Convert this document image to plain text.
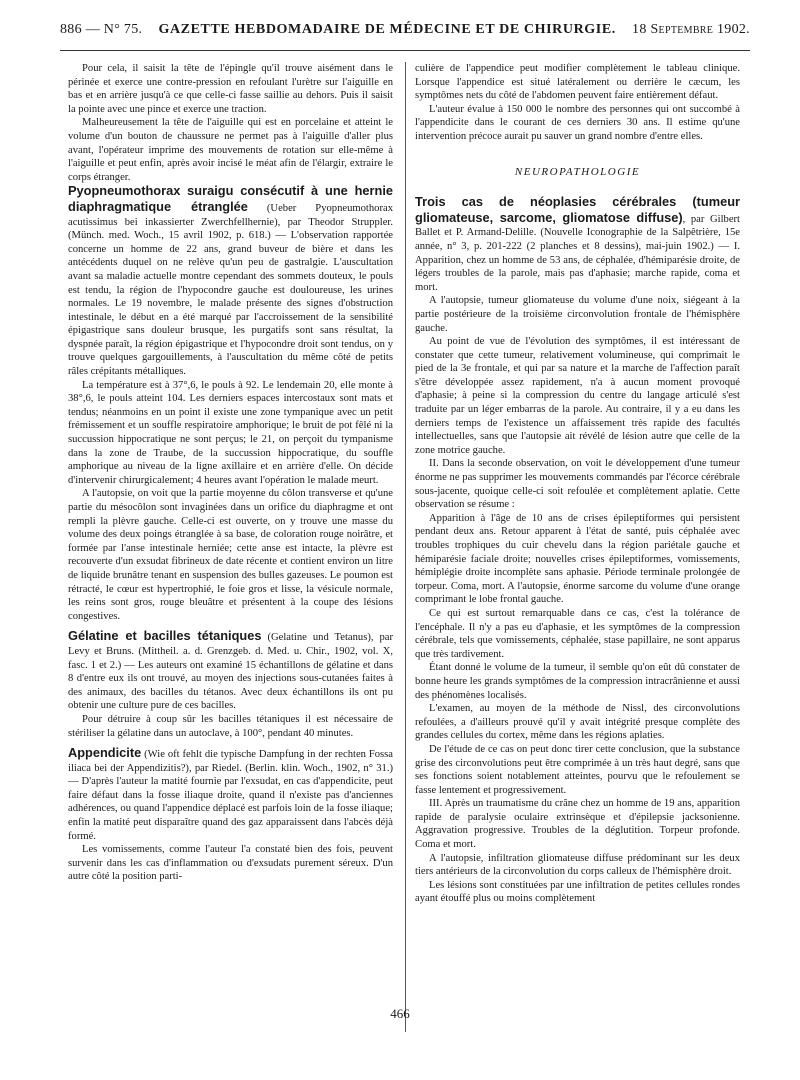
886 — N° 75. GAZETTE HEBDOMADAIRE DE MÉDECINE ET DE CHIRURGIE. 18 Septembre 1902.

Pour cela, il saisit la tête de l'épingle qu'il trouve aisément dans le périnée et exerce une contre-pression en refoulant l'urètre sur l'aiguille en bas et en arrière jusqu'à ce que celle-ci fasse saillie au dehors. Puis il saisit la pointe avec une pince et exerce une traction.

Malheureusement la tête de l'aiguille qui est en porcelaine et atteint le volume d'un bouton de chaussure ne permet pas à l'aiguille d'aller plus avant, l'opérateur imprime des mouvements de rotation sur elle-même à l'aiguille et peut enfin, après avoir incisé le méat afin de l'élargir, extraire le corps étranger.

Pyopneumothorax suraigu consécutif à une hernie diaphragmatique étranglée (Ueber Pyopneumothorax acutissimus bei inkassierter Zwerchfellhernie), par Theodor Struppler. (Münch. med. Woch., 15 avril 1902, p. 618.) — L'observation rapportée concerne un homme de 22 ans, grand buveur de bière et dans les antécédents duquel on ne relève qu'un peu de gastralgie. L'auscultation avant sa maladie actuelle montre cependant des sommets douteux, le pouls est tendu, la région de l'hypocondre gauche est douloureuse, les urines normales. Le 19 novembre, le malade présente des signes d'obstruction intestinale, le début en a été marqué par l'accroissement de la sensibilité épigastrique sans douleur brusque, les purgatifs sont sans résultat, la dyspnée paraît, la région épigastrique et l'hypocondre droit sont tendus, on y trouve quelques gargouillements, à l'auscultation du même côté de petits râles crépitants métalliques.

La température est à 37°,6, le pouls à 92. Le lendemain 20, elle monte à 38°,6, le pouls atteint 104. Les derniers espaces intercostaux sont mats et tendus; néanmoins en un point il existe une zone tympanique avec un petit frémissement et un souffle respiratoire amphorique; le bruit de pot fêlé ni la succussion hippocratique ne sont perçus; le 21, on perçoit du tympanisme dans la zone de Traube, de la succussion hippocratique, du souffle amphorique au niveau de la ligne axillaire et en arrière d'elle. On décide d'intervenir chirurgicalement; 4 heures avant l'opération le malade meurt.

A l'autopsie, on voit que la partie moyenne du côlon transverse et qu'une partie du mésocôlon sont invaginées dans un orifice du diaphragme et ont rempli la plèvre gauche. Celle-ci est ouverte, on y trouve une masse du volume des deux poings étranglée à sa base, de coloration rouge noirâtre, et formée par l'anse intestinale herniée; cette anse est intacte, la plèvre est recouverte d'un exsudat fibrineux de date récente et contient environ un litre de liquide brunâtre tenant en suspension des bulles gazeuses. Le poumon est rétracté, le cœur est hypertrophié, le foie gros et lisse, la vésicule normale, les reins sont gros, rouge bleuâtre et présentent à la coupe des lésions congestives.

Gélatine et bacilles tétaniques (Gelatine und Tetanus), par Levy et Bruns. (Mittheil. a. d. Grenzgeb. d. Med. u. Chir., 1902, vol. X, fasc. 1 et 2.) — Les auteurs ont examiné 15 échantillons de gélatine et dans 8 d'entre eux ils ont trouvé, au moyen des injections sous-cutanées faites à des animaux, des bacilles du tétanos. Avec deux échantillons ils ont pu obtenir une culture pure de ces bacilles.

Pour détruire à coup sûr les bacilles tétaniques il est nécessaire de stériliser la gélatine dans un autoclave, à 100°, pendant 40 minutes.

Appendicite (Wie oft fehlt die typische Dampfung in der rechten Fossa iliaca bei der Appendizitis?), par Riedel. (Berlin. klin. Woch., 1902, n° 31.) — D'après l'auteur la matité fournie par l'exsudat, en cas d'appendicite, peut faire défaut dans la fosse iliaque droite, quand il n'existe pas d'anciennes adhérences, ou quand l'appendice déplacé est parfois loin de la fosse iliaque; enfin la matité peut disparaître quand des gaz apparaissent dans l'abcès déjà formé.

Les vomissements, comme l'auteur l'a constaté bien des fois, peuvent survenir dans les cas d'inflammation ou d'exsudats purement séreux. D'un autre côté la position parti-

culière de l'appendice peut modifier complètement le tableau clinique. Lorsque l'appendice est situé latéralement ou derrière le cæcum, les symptômes nets du côté de l'abdomen peuvent faire entièrement défaut.

L'auteur évalue à 150 000 le nombre des personnes qui ont succombé à l'appendicite dans le courant de ces derniers 30 ans. Il estime qu'une intervention précoce aurait pu sauver un grand nombre d'entre elles.

NEUROPATHOLOGIE

Trois cas de néoplasies cérébrales (tumeur gliomateuse, sarcome, gliomatose diffuse), par Gilbert Ballet et P. Armand-Delille. (Nouvelle Iconographie de la Salpêtrière, 15e année, n° 3, p. 201-222 (2 planches et 8 dessins), mai-juin 1902.) — I. Apparition, chez un homme de 53 ans, de céphalée, d'hémiparésie droite, de légers troubles de la parole, mais pas d'aphasie; marche rapide, coma et mort.

A l'autopsie, tumeur gliomateuse du volume d'une noix, siégeant à la partie postérieure de la troisième circonvolution frontale de l'hémisphère gauche.

Au point de vue de l'évolution des symptômes, il est intéressant de constater que cette tumeur, relativement volumineuse, qui comprimait le pied de la 3e frontale, et qui par sa nature et la marche de l'affection paraît s'être développée assez rapidement, n'a à aucun moment provoqué d'aphasie; à peine si la compression du centre du langage articulé s'est traduite par un léger embarras de la parole. Au contraire, il y a eu dans les derniers temps de l'existence un affaissement très rapide des facultés intellectuelles, sans que l'autopsie ait révélé de lésion autre que celle de la zone motrice gauche.

II. Dans la seconde observation, on voit le développement d'une tumeur énorme ne pas supprimer les mouvements commandés par l'écorce cérébrale sous-jacente, quoique celle-ci soit refoulée et complètement aplatie. Cette observation se résume :

Apparition à l'âge de 10 ans de crises épileptiformes qui persistent pendant deux ans. Retour apparent à l'état de santé, puis céphalée avec troubles trophiques du cuir chevelu dans la région pariétale gauche et hémiparésie faciale droite; nouvelles crises épileptiformes, vomissements, hémiplégie droite incomplète sans aphasie. Période terminale prolongée de torpeur. Coma, mort. A l'autopsie, énorme sarcome du volume d'une orange comprimant le lobe frontal gauche.

Ce qui est surtout remarquable dans ce cas, c'est la tolérance de l'encéphale. Il n'y a pas eu d'aphasie, et les symptômes de la compression cérébrale, tels que vomissements, céphalée, stase papillaire, ne sont apparus que très tardivement.

Étant donné le volume de la tumeur, il semble qu'on eût dû constater de bonne heure les grands symptômes de la compression intracrânienne et aussi des phénomènes localisés.

L'examen, au moyen de la méthode de Nissl, des circonvolutions refoulées, a d'ailleurs prouvé qu'il y avait intégrité presque complète des grandes cellules du cortex, même dans les régions aplaties.

De l'étude de ce cas on peut donc tirer cette conclusion, que la substance grise des circonvolutions peut être comprimée à un très haut degré, sans que ses fonctions soient notablement atteintes, pourvu que le refoulement se fasse lentement et progressivement.

III. Après un traumatisme du crâne chez un homme de 19 ans, apparition rapide de paralysie oculaire extrinsèque et d'épilepsie jacksonienne. Aggravation progressive. Troubles de la déglutition. Torpeur profonde. Coma et mort.

A l'autopsie, infiltration gliomateuse diffuse prédominant sur les deux tiers antérieurs de la circonvolution du corps calleux de l'hémisphère droit.

Les lésions sont constituées par une infiltration de petites cellules rondes ayant étouffé plus ou moins complètement

466
